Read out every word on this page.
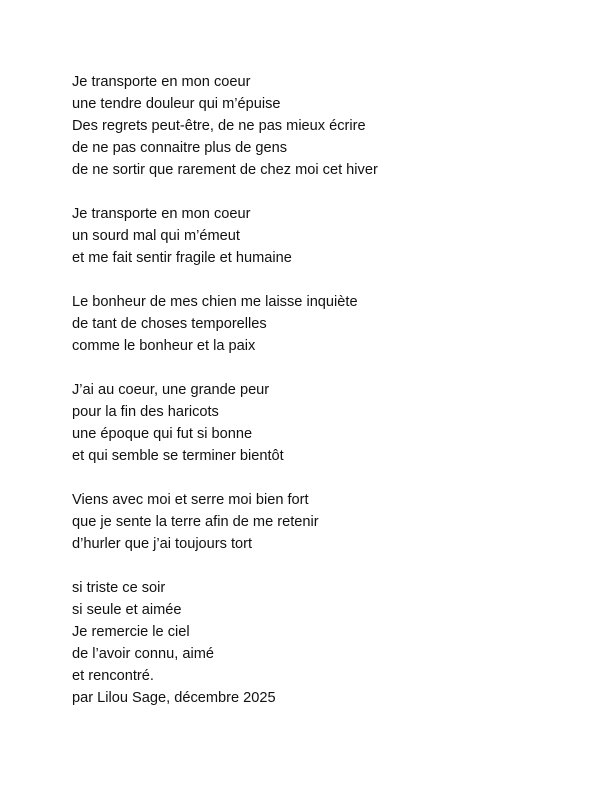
Je transporte en mon coeur
une tendre douleur qui m’épuise
Des regrets peut-être, de ne pas mieux écrire
de ne pas connaitre plus de gens
de ne sortir que rarement de chez moi cet hiver
Je transporte en mon coeur
un sourd mal qui m’émeut
et me fait sentir fragile et humaine
Le bonheur de mes chien me laisse inquiète
de tant de choses temporelles
comme le bonheur et la paix
J’ai au coeur, une grande peur
pour la fin des haricots
une époque qui fut si bonne
et qui semble se terminer bientôt
Viens avec moi et serre moi bien fort
que je sente la terre afin de me retenir
d’hurler que j’ai toujours tort
si triste ce soir
si seule et aimée
Je remercie le ciel
de l’avoir connu, aimé
et rencontré.
par Lilou Sage, décembre 2025
